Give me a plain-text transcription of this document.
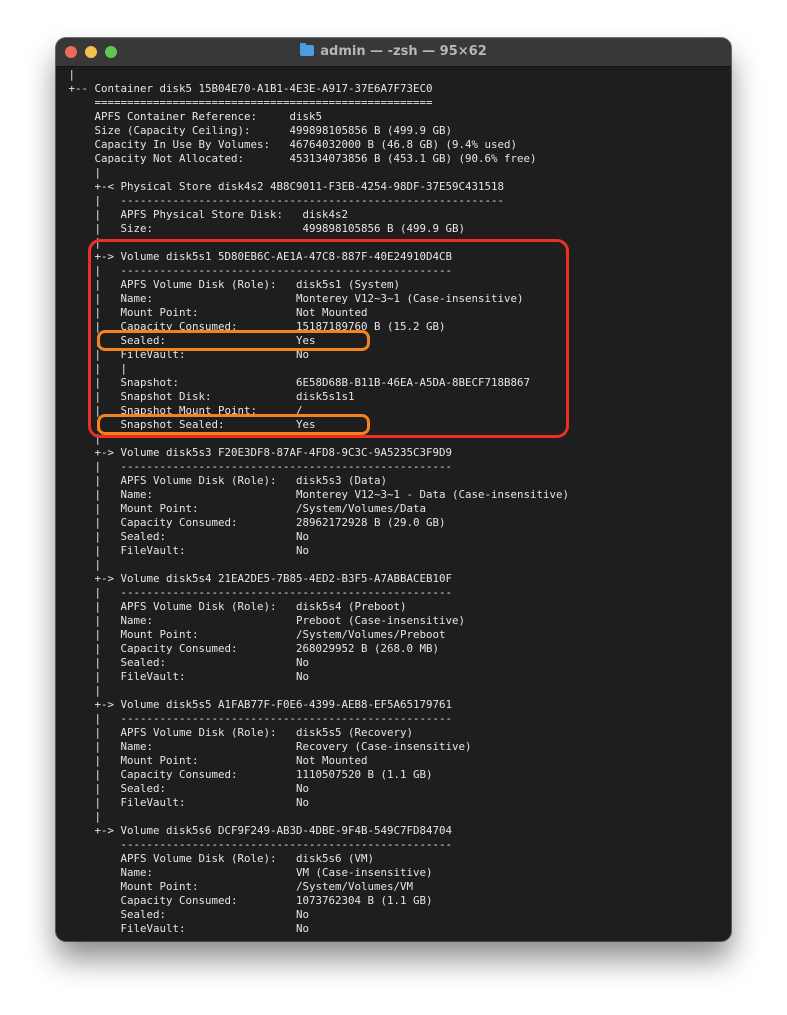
admin — -zsh — 95×62
|
+-- Container disk5 15B04E70-A1B1-4E3E-A917-37E6A7F73EC0
====================================================
APFS Container Reference:     disk5
Size (Capacity Ceiling):      499898105856 B (499.9 GB)
Capacity In Use By Volumes:   46764032000 B (46.8 GB) (9.4% used)
Capacity Not Allocated:       453134073856 B (453.1 GB) (90.6% free)
|
+-< Physical Store disk4s2 4B8C9011-F3EB-4254-98DF-37E59C431518
|   -----------------------------------------------------------
|   APFS Physical Store Disk:   disk4s2
|   Size:                       499898105856 B (499.9 GB)
|
+-> Volume disk5s1 5D80EB6C-AE1A-47C8-887F-40E24910D4CB
|   ---------------------------------------------------
|   APFS Volume Disk (Role):   disk5s1 (System)
|   Name:                      Monterey V12~3~1 (Case-insensitive)
|   Mount Point:               Not Mounted
|   Capacity Consumed:         15187189760 B (15.2 GB)
|   Sealed:                    Yes
|   FileVault:                 No
|   |
|   Snapshot:                  6E58D68B-B11B-46EA-A5DA-8BECF718B867
|   Snapshot Disk:             disk5s1s1
|   Snapshot Mount Point:      /
|   Snapshot Sealed:           Yes
|
+-> Volume disk5s3 F20E3DF8-87AF-4FD8-9C3C-9A5235C3F9D9
|   ---------------------------------------------------
|   APFS Volume Disk (Role):   disk5s3 (Data)
|   Name:                      Monterey V12~3~1 - Data (Case-insensitive)
|   Mount Point:               /System/Volumes/Data
|   Capacity Consumed:         28962172928 B (29.0 GB)
|   Sealed:                    No
|   FileVault:                 No
|
+-> Volume disk5s4 21EA2DE5-7B85-4ED2-B3F5-A7ABBACEB10F
|   ---------------------------------------------------
|   APFS Volume Disk (Role):   disk5s4 (Preboot)
|   Name:                      Preboot (Case-insensitive)
|   Mount Point:               /System/Volumes/Preboot
|   Capacity Consumed:         268029952 B (268.0 MB)
|   Sealed:                    No
|   FileVault:                 No
|
+-> Volume disk5s5 A1FAB77F-F0E6-4399-AEB8-EF5A65179761
|   ---------------------------------------------------
|   APFS Volume Disk (Role):   disk5s5 (Recovery)
|   Name:                      Recovery (Case-insensitive)
|   Mount Point:               Not Mounted
|   Capacity Consumed:         1110507520 B (1.1 GB)
|   Sealed:                    No
|   FileVault:                 No
|
+-> Volume disk5s6 DCF9F249-AB3D-4DBE-9F4B-549C7FD84704
---------------------------------------------------
APFS Volume Disk (Role):   disk5s6 (VM)
Name:                      VM (Case-insensitive)
Mount Point:               /System/Volumes/VM
Capacity Consumed:         1073762304 B (1.1 GB)
Sealed:                    No
FileVault:                 No
